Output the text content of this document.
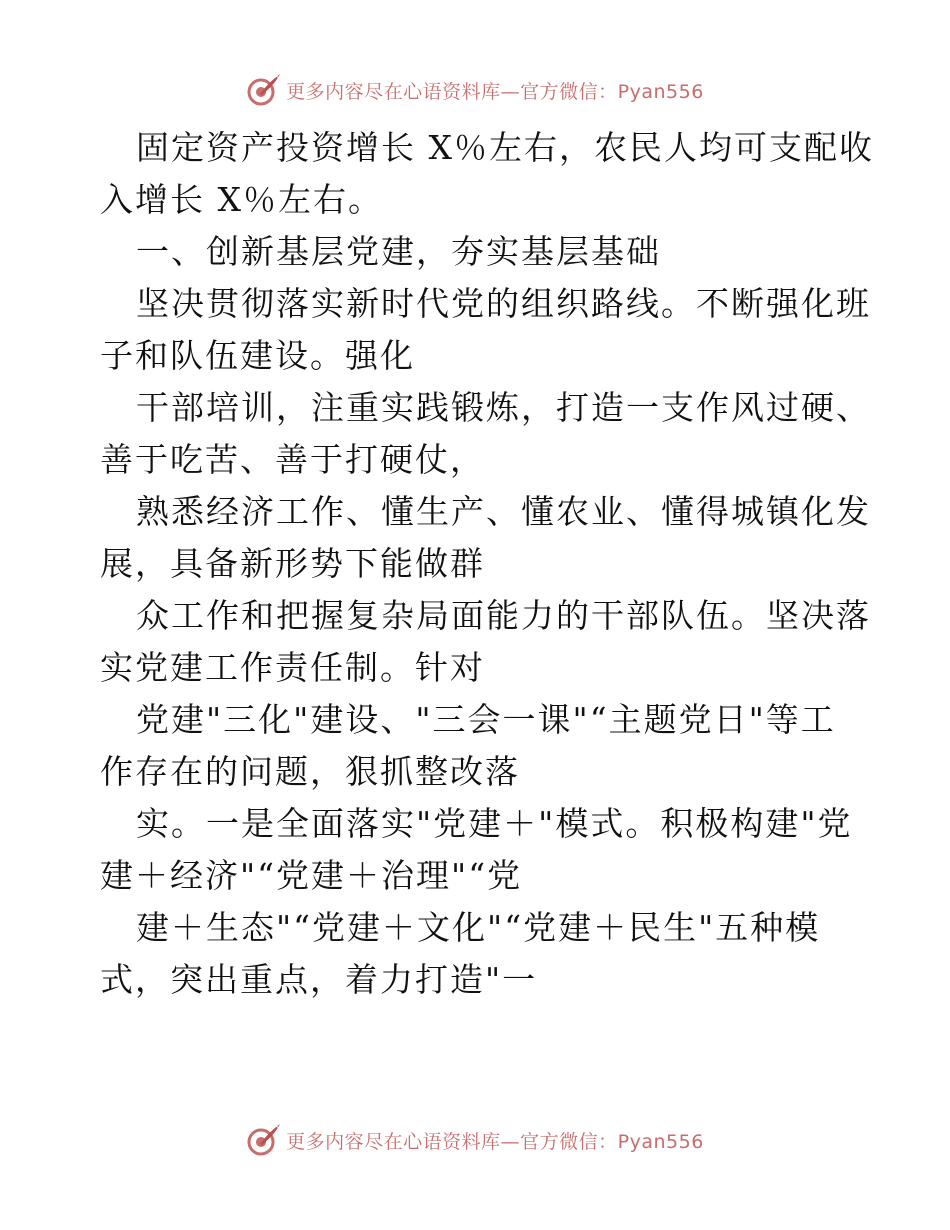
更多内容尽在心语资料库—官方微信：Pyan556

固定资产投资增长 X％左右，农民人均可支配收
入增长 X％左右。

一、创新基层党建，夯实基层基础

坚决贯彻落实新时代党的组织路线。不断强化班
子和队伍建设。强化

干部培训，注重实践锻炼，打造一支作风过硬、
善于吃苦、善于打硬仗，

熟悉经济工作、懂生产、懂农业、懂得城镇化发
展，具备新形势下能做群

众工作和把握复杂局面能力的干部队伍。坚决落
实党建工作责任制。针对

党建"三化"建设、"三会一课"“主题党日"等工
作存在的问题，狠抓整改落

实。一是全面落实"党建＋"模式。积极构建"党
建＋经济"“党建＋治理"“党

建＋生态"“党建＋文化"“党建＋民生"五种模
式，突出重点，着力打造"一

更多内容尽在心语资料库—官方微信：Pyan556
